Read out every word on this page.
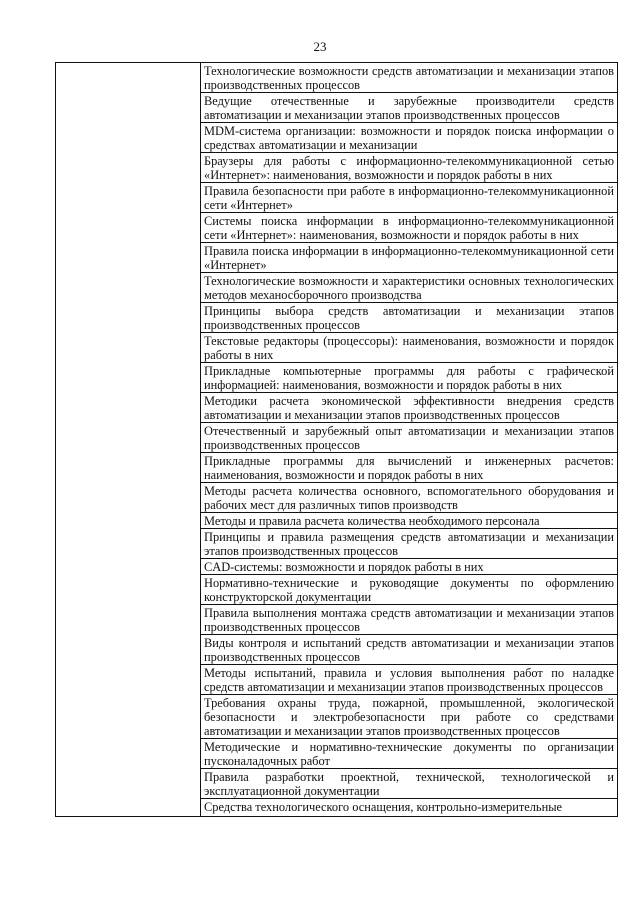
23

Технологические возможности средств автоматизации и механизации этапов производственных процессов
Ведущие отечественные и зарубежные производители средств автоматизации и механизации этапов производственных процессов
MDM-система организации: возможности и порядок поиска информации о средствах автоматизации и механизации
Браузеры для работы с информационно-телекоммуникационной сетью «Интернет»: наименования, возможности и порядок работы в них
Правила безопасности при работе в информационно-телекоммуникационной сети «Интернет»
Системы поиска информации в информационно-телекоммуникационной сети «Интернет»: наименования, возможности и порядок работы в них
Правила поиска информации в информационно-телекоммуникационной сети «Интернет»
Технологические возможности и характеристики основных технологических методов механосборочного производства
Принципы выбора средств автоматизации и механизации этапов производственных процессов
Текстовые редакторы (процессоры): наименования, возможности и порядок работы в них
Прикладные компьютерные программы для работы с графической информацией: наименования, возможности и порядок работы в них
Методики расчета экономической эффективности внедрения средств автоматизации и механизации этапов производственных процессов
Отечественный и зарубежный опыт автоматизации и механизации этапов производственных процессов
Прикладные программы для вычислений и инженерных расчетов: наименования, возможности и порядок работы в них
Методы расчета количества основного, вспомогательного оборудования и рабочих мест для различных типов производств
Методы и правила расчета количества необходимого персонала
Принципы и правила размещения средств автоматизации и механизации этапов производственных процессов
CAD-системы: возможности и порядок работы в них
Нормативно-технические и руководящие документы по оформлению конструкторской документации
Правила выполнения монтажа средств автоматизации и механизации этапов производственных процессов
Виды контроля и испытаний средств автоматизации и механизации этапов производственных процессов
Методы испытаний, правила и условия выполнения работ по наладке средств автоматизации и механизации этапов производственных процессов
Требования охраны труда, пожарной, промышленной, экологической безопасности и электробезопасности при работе со средствами автоматизации и механизации этапов производственных процессов
Методические и нормативно-технические документы по организации пусконаладочных работ
Правила разработки проектной, технической, технологической и эксплуатационной документации
Средства технологического оснащения, контрольно-измерительные
